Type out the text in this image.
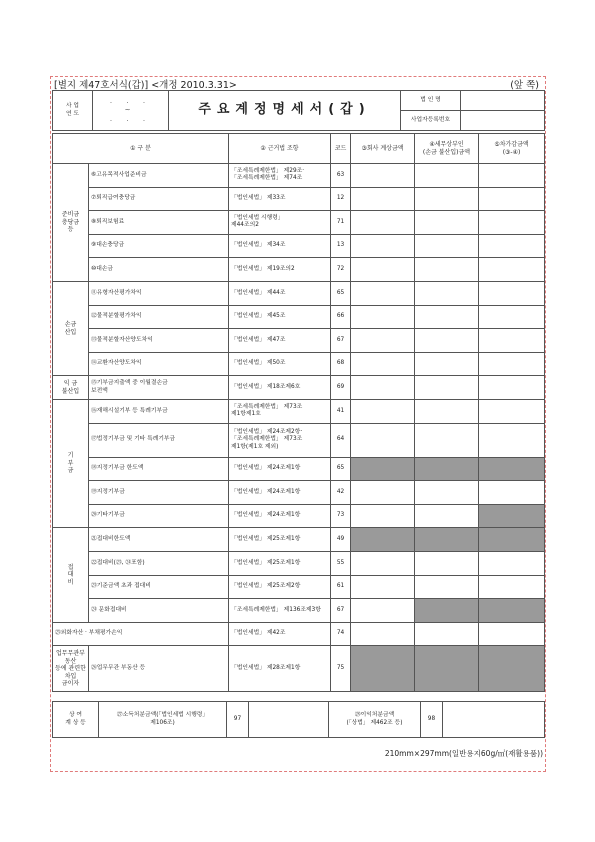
[별지 제47호서식(갑)] <개정 2010.3.31>	(앞 쪽)
사 업
연 도	. . .
~
. . .	주요계정명세서(갑)	법 인 명	
			사업자등록번호	
① 구 분		② 근거법 조항	코드	③회사 계상금액	④세무상부인
(손금 불산입)금액	⑤차가감금액
(③-④)
준비금
충당금
등	⑥고유목적사업준비금	「조세특례제한법」 제29조·
「조세특례제한법」 제74조	63			
	⑦퇴직급여충당금	「법인세법」 제33조	12			
	⑧퇴직보험료	「법인세법 시행령」
제44조의2	71			
	⑨대손충당금	「법인세법」 제34조	13			
	⑩대손금	「법인세법」 제19조의2	72			
손금
산입	⑪유형자산평가차익	「법인세법」 제44조	65			
	⑫물적분할평가차익	「법인세법」 제45조	66			
	⑬물적분할자산양도차익	「법인세법」 제47조	67			
	⑭교환자산양도차익	「법인세법」 제50조	68			
익 금
불산입	⑮기부금지출액 중 이월결손금
보전액	「법인세법」 제18조제6호	69			
기
부
금	⑯재해시설기부 등 특례기부금	「조세특례제한법」 제73조
제1항제1호	41			
	⑰법정기부금 및 기타 특례기부금	「법인세법」 제24조제2항·
「조세특례제한법」 제73조
제1항(제1호 제외)	64			
	⑱지정기부금 한도액	「법인세법」 제24조제1항	65			
	⑲지정기부금	「법인세법」 제24조제1항	42			
	⑳기타기부금	「법인세법」 제24조제1항	73			
접
대
비	㉑접대비한도액	「법인세법」 제25조제1항	49			
	㉒접대비(㉓, ㉔포함)	「법인세법」 제25조제1항	55			
	㉓기준금액 초과 접대비	「법인세법」 제25조제2항	61			
	㉔ 문화접대비	「조세특례제한법」 제136조제3항	67			
㉕외화자산 · 부채평가손익		「법인세법」 제42조	74			
업무무관부동산
등에 관련한 차입
금이자	㉖업무무관 부동산 등	「법인세법」 제28조제1항	75			
상 여
계 상 등	㉗소득처분금액(「법인세법 시행령」
제106조)	97		㉘이익처분금액
(「상법」 제462조 등)	98	
210mm×297mm(일반용지60g/㎡(재활용품))
